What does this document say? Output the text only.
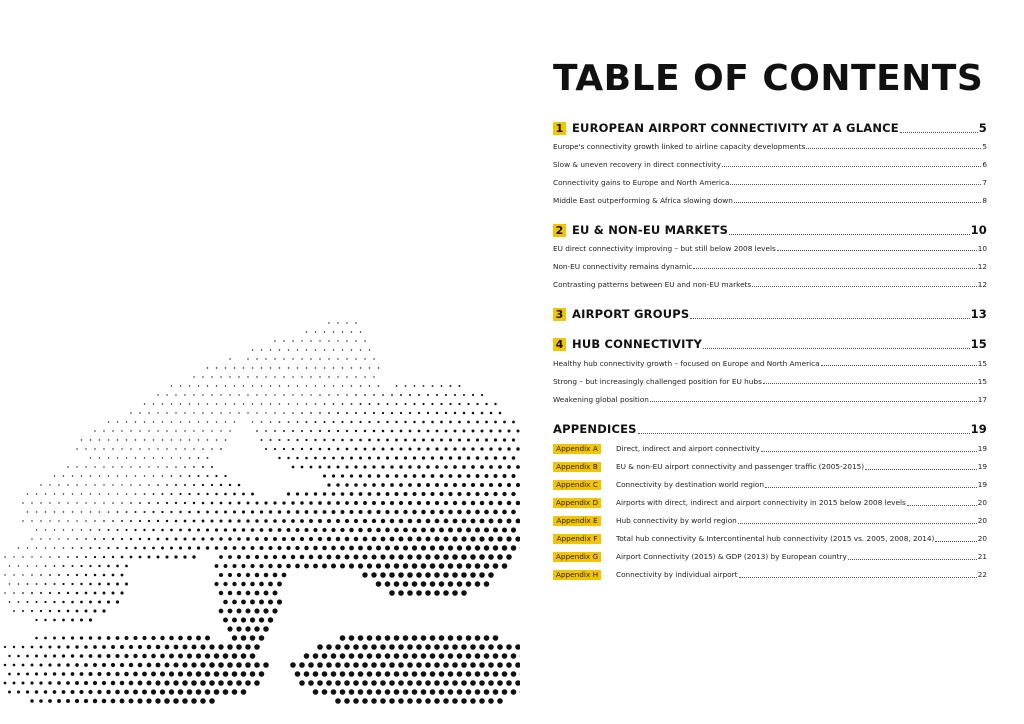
TABLE OF CONTENTS
1 EUROPEAN AIRPORT CONNECTIVITY AT A GLANCE	5
Europe's connectivity growth linked to airline capacity developments	5
Slow & uneven recovery in direct connectivity	6
Connectivity gains to Europe and North America	7
Middle East outperforming & Africa slowing down	8
2 EU & NON-EU MARKETS	10
EU direct connectivity improving – but still below 2008 levels	10
Non-EU connectivity remains dynamic	12
Contrasting patterns between EU and non-EU markets	12
3 AIRPORT GROUPS	13
4 HUB CONNECTIVITY	15
Healthy hub connectivity growth – focused on Europe and North America	15
Strong – but increasingly challenged position for EU hubs	15
Weakening global position	17
APPENDICES	19
Appendix A	Direct, indirect and airport connectivity	19
Appendix B	EU & non-EU airport connectivity and passenger traffic (2005-2015)	19
Appendix C	Connectivity by destination world region	19
Appendix D	Airports with direct, indirect and airport connectivity in 2015 below 2008 levels	20
Appendix E	Hub connectivity by world region	20
Appendix F	Total hub connectivity & Intercontinental hub connectivity (2015 vs. 2005, 2008, 2014)	20
Appendix G	Airport Connectivity (2015) & GDP (2013) by European country	21
Appendix H	Connectivity by individual airport	22
